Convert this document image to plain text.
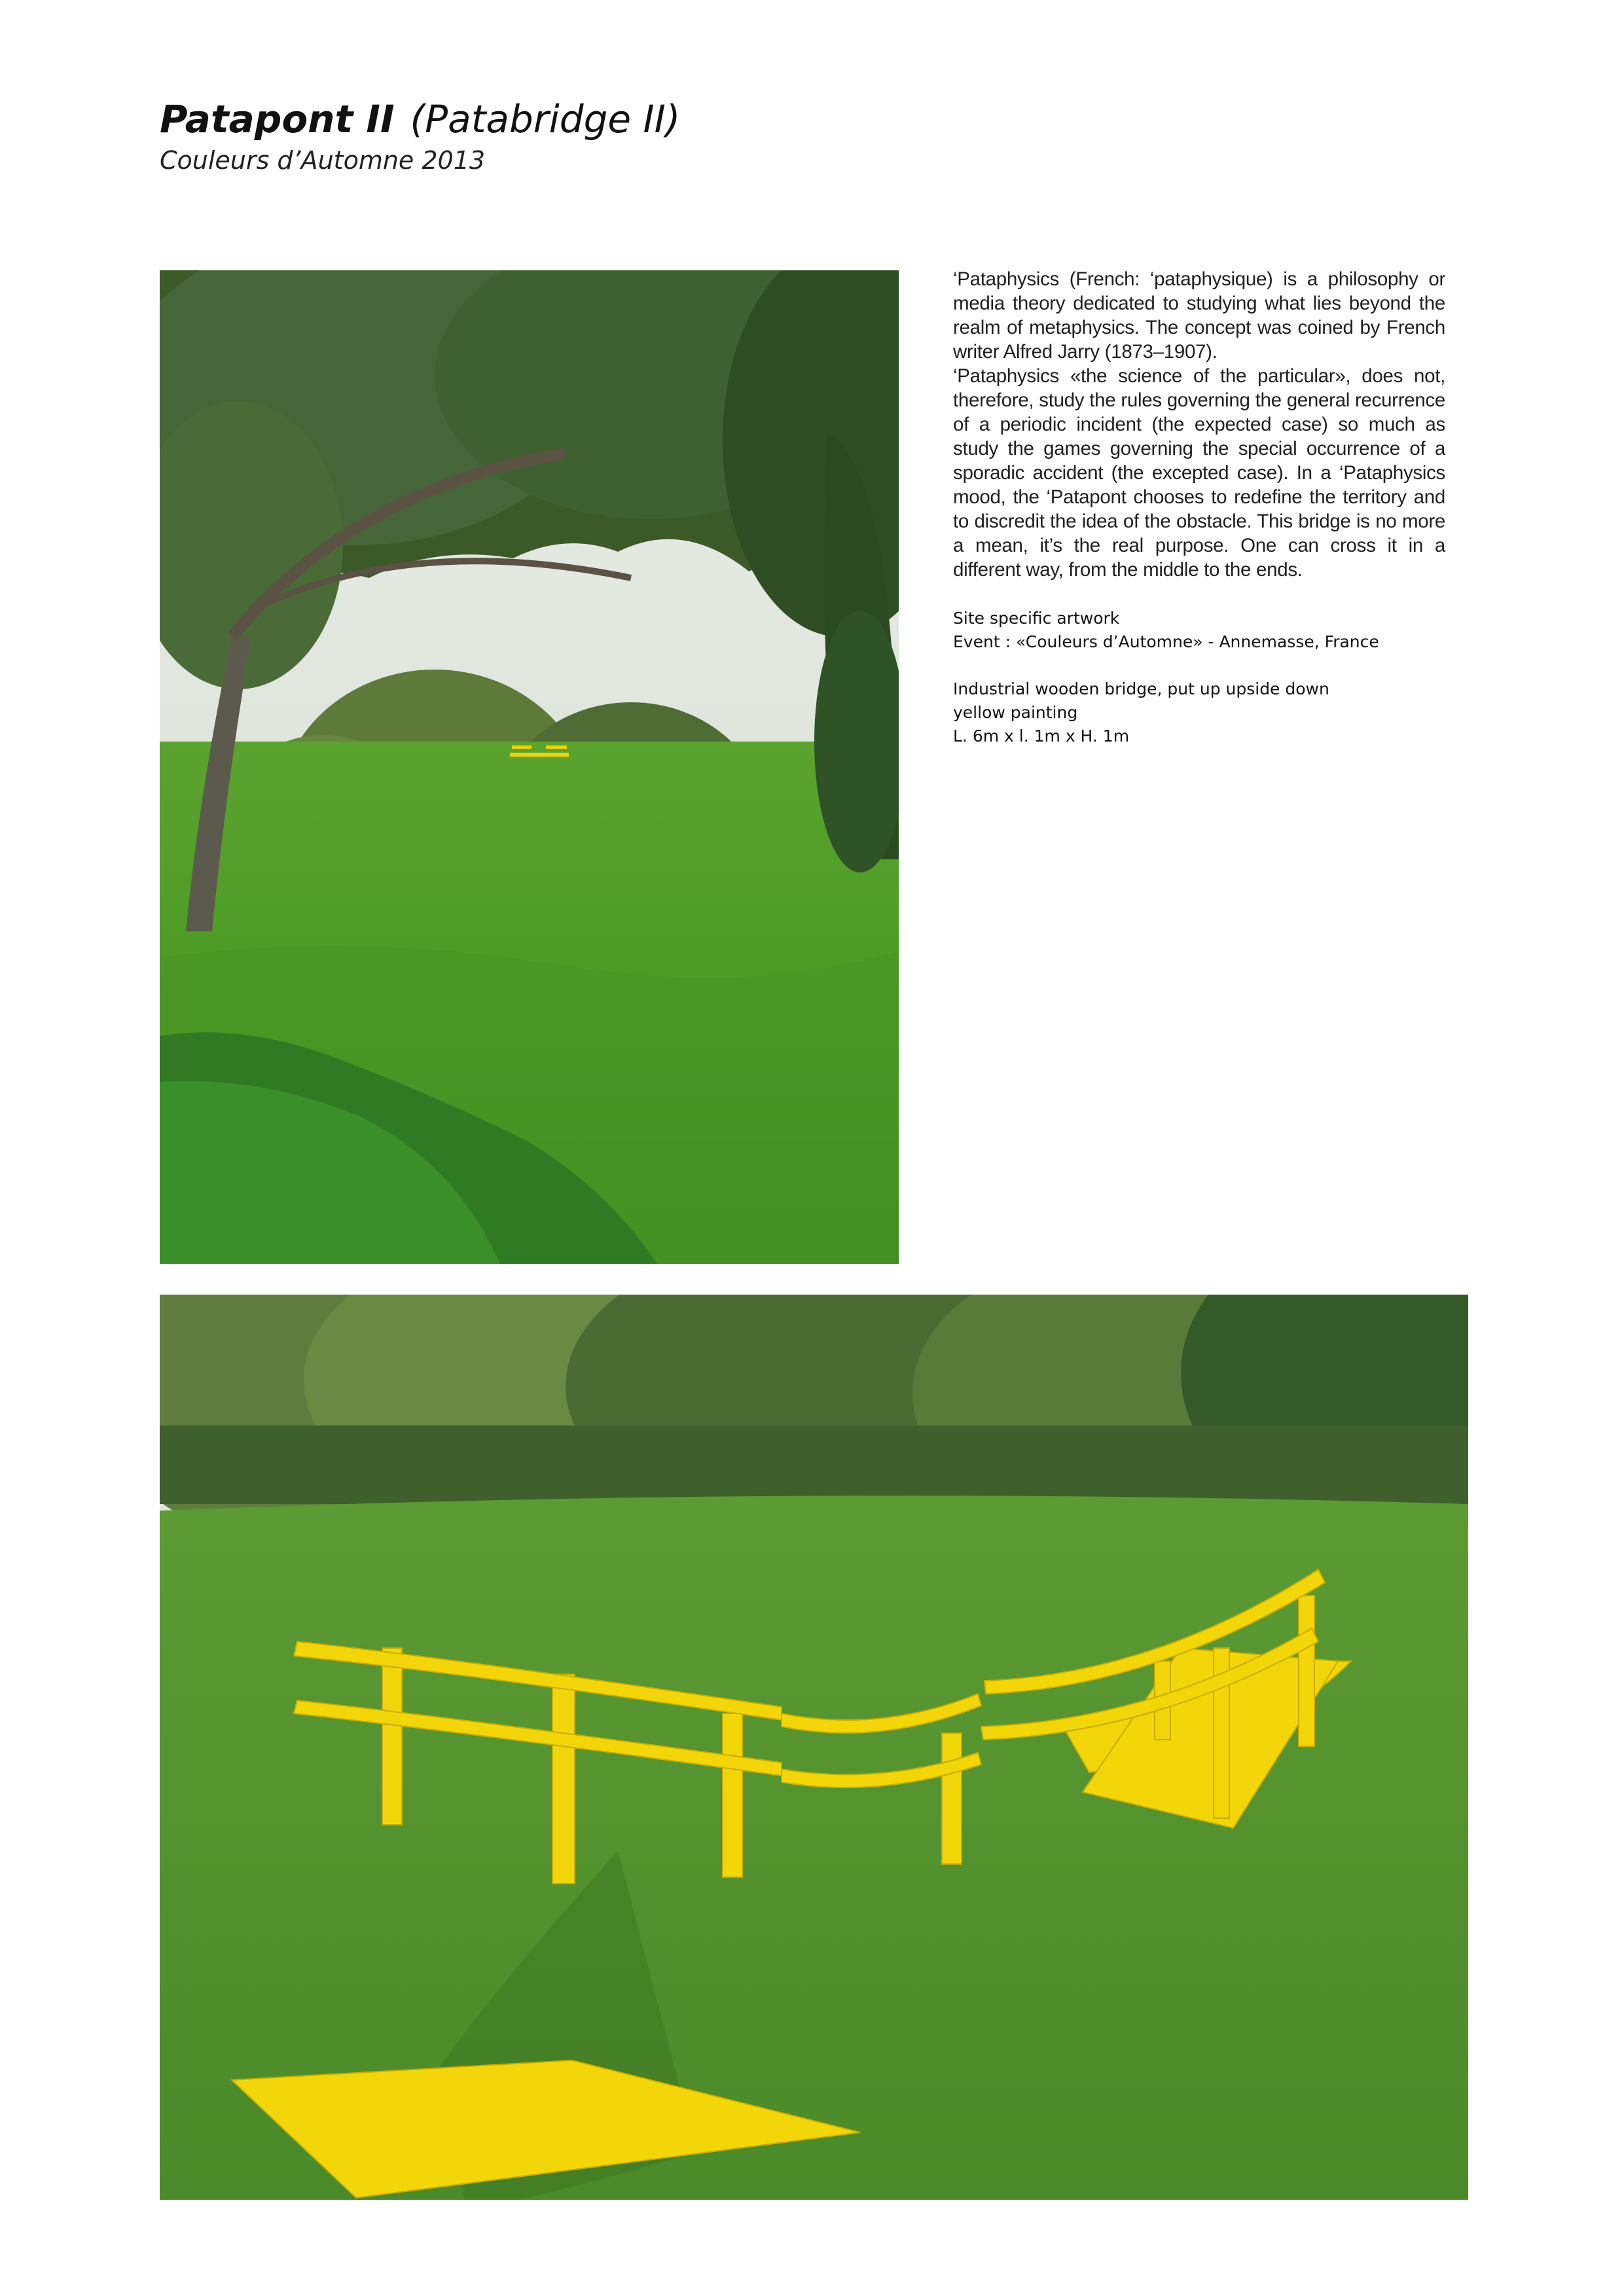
Patapont II (Patabridge II)
Couleurs d’Automne 2013

‘Pataphysics (French: ‘pataphysique) is a philosophy or media theory dedicated to studying what lies beyond the realm of metaphysics. The concept was coined by French writer Alfred Jarry (1873–1907).

‘Pataphysics «the science of the particular», does not, therefore, study the rules governing the general recurrence of a periodic incident (the expected case) so much as study the games governing the special occurrence of a sporadic accident (the excepted case). In a ‘Pataphysics mood, the ‘Patapont chooses to redefine the territory and to discredit the idea of the obstacle. This bridge is no more a mean, it’s the real purpose. One can cross it in a different way, from the middle to the ends.

Site specific artwork
Event : «Couleurs d’Automne» - Annemasse, France
Industrial wooden bridge, put up upside down
yellow painting
L. 6m x l. 1m x H. 1m
